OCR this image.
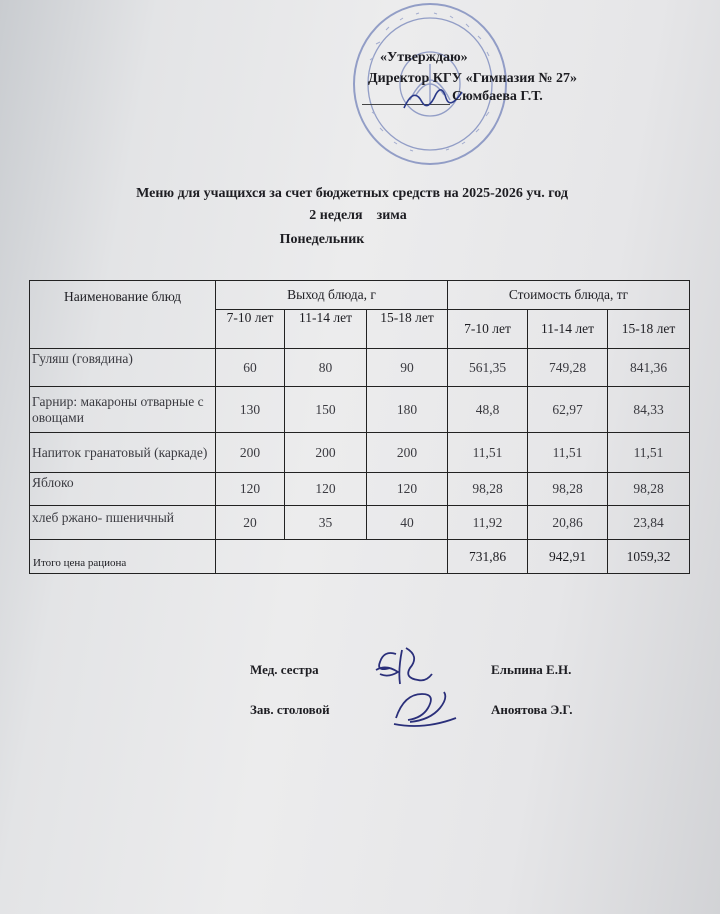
«Утверждаю»
Директор КГУ «Гимназия № 27»
Сюмбаева Г.Т.
Меню для учащихся за счет бюджетных средств на 2025-2026 уч. год
2 неделя зима
Понедельник
Наименование блюд	Выход блюда, г			Стоимость блюда, тг		
	7-10 лет	11-14 лет	15-18 лет	7-10 лет	11-14 лет	15-18 лет
Гуляш (говядина)	60	80	90	561,35	749,28	841,36
Гарнир: макароны отварные с овощами	130	150	180	48,8	62,97	84,33
Напиток гранатовый (каркаде)	200	200	200	11,51	11,51	11,51
Яблоко	120	120	120	98,28	98,28	98,28
хлеб ржано- пшеничный	20	35	40	11,92	20,86	23,84
Итого цена рациона				731,86	942,91	1059,32
Мед. сестра	Ельпина Е.Н.
Зав. столовой	Аноятова Э.Г.
